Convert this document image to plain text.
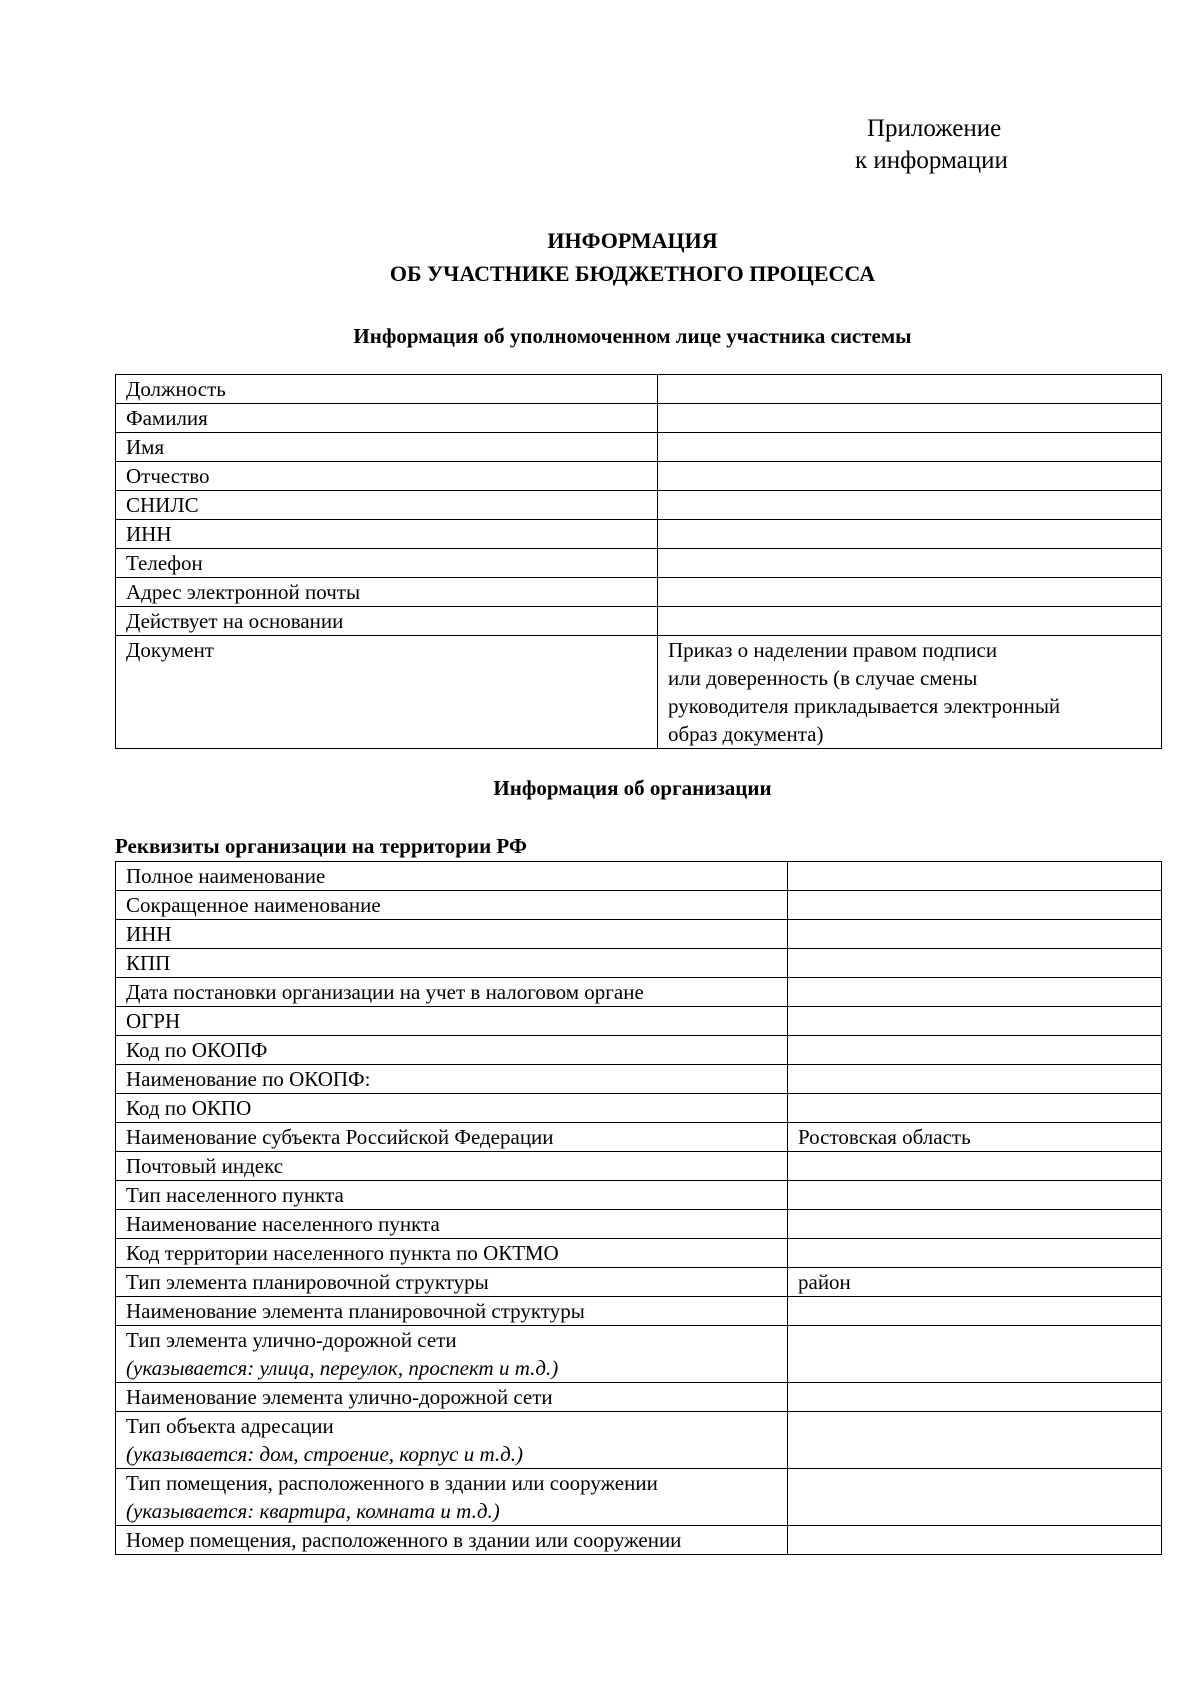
Приложение
к информации
ИНФОРМАЦИЯ
ОБ УЧАСТНИКЕ БЮДЖЕТНОГО ПРОЦЕССА
Информация об уполномоченном лице участника системы
Должность	

Фамилия	

Имя	

Отчество	

СНИЛС	

ИНН	

Телефон	

Адрес электронной почты	

Действует на основании	

Документ	Приказ о наделении правом подписи
или доверенность (в случае смены
руководителя прикладывается электронный
образ документа)
Информация об организации
Реквизиты организации на территории РФ
Полное наименование	

Сокращенное наименование	

ИНН	

КПП	

Дата постановки организации на учет в налоговом органе	

ОГРН	

Код по ОКОПФ	

Наименование по ОКОПФ:	

Код по ОКПО	

Наименование субъекта Российской Федерации	Ростовская область

Почтовый индекс	

Тип населенного пункта	

Наименование населенного пункта	

Код территории населенного пункта по ОКТМО	

Тип элемента планировочной структуры	район

Наименование элемента планировочной структуры	

Тип элемента улично-дорожной сети
(указывается: улица, переулок, проспект и т.д.)	

Наименование элемента улично-дорожной сети	

Тип объекта адресации
(указывается: дом, строение, корпус и т.д.)	

Тип помещения, расположенного в здании или сооружении
(указывается: квартира, комната и т.д.)	

Номер помещения, расположенного в здании или сооружении	
